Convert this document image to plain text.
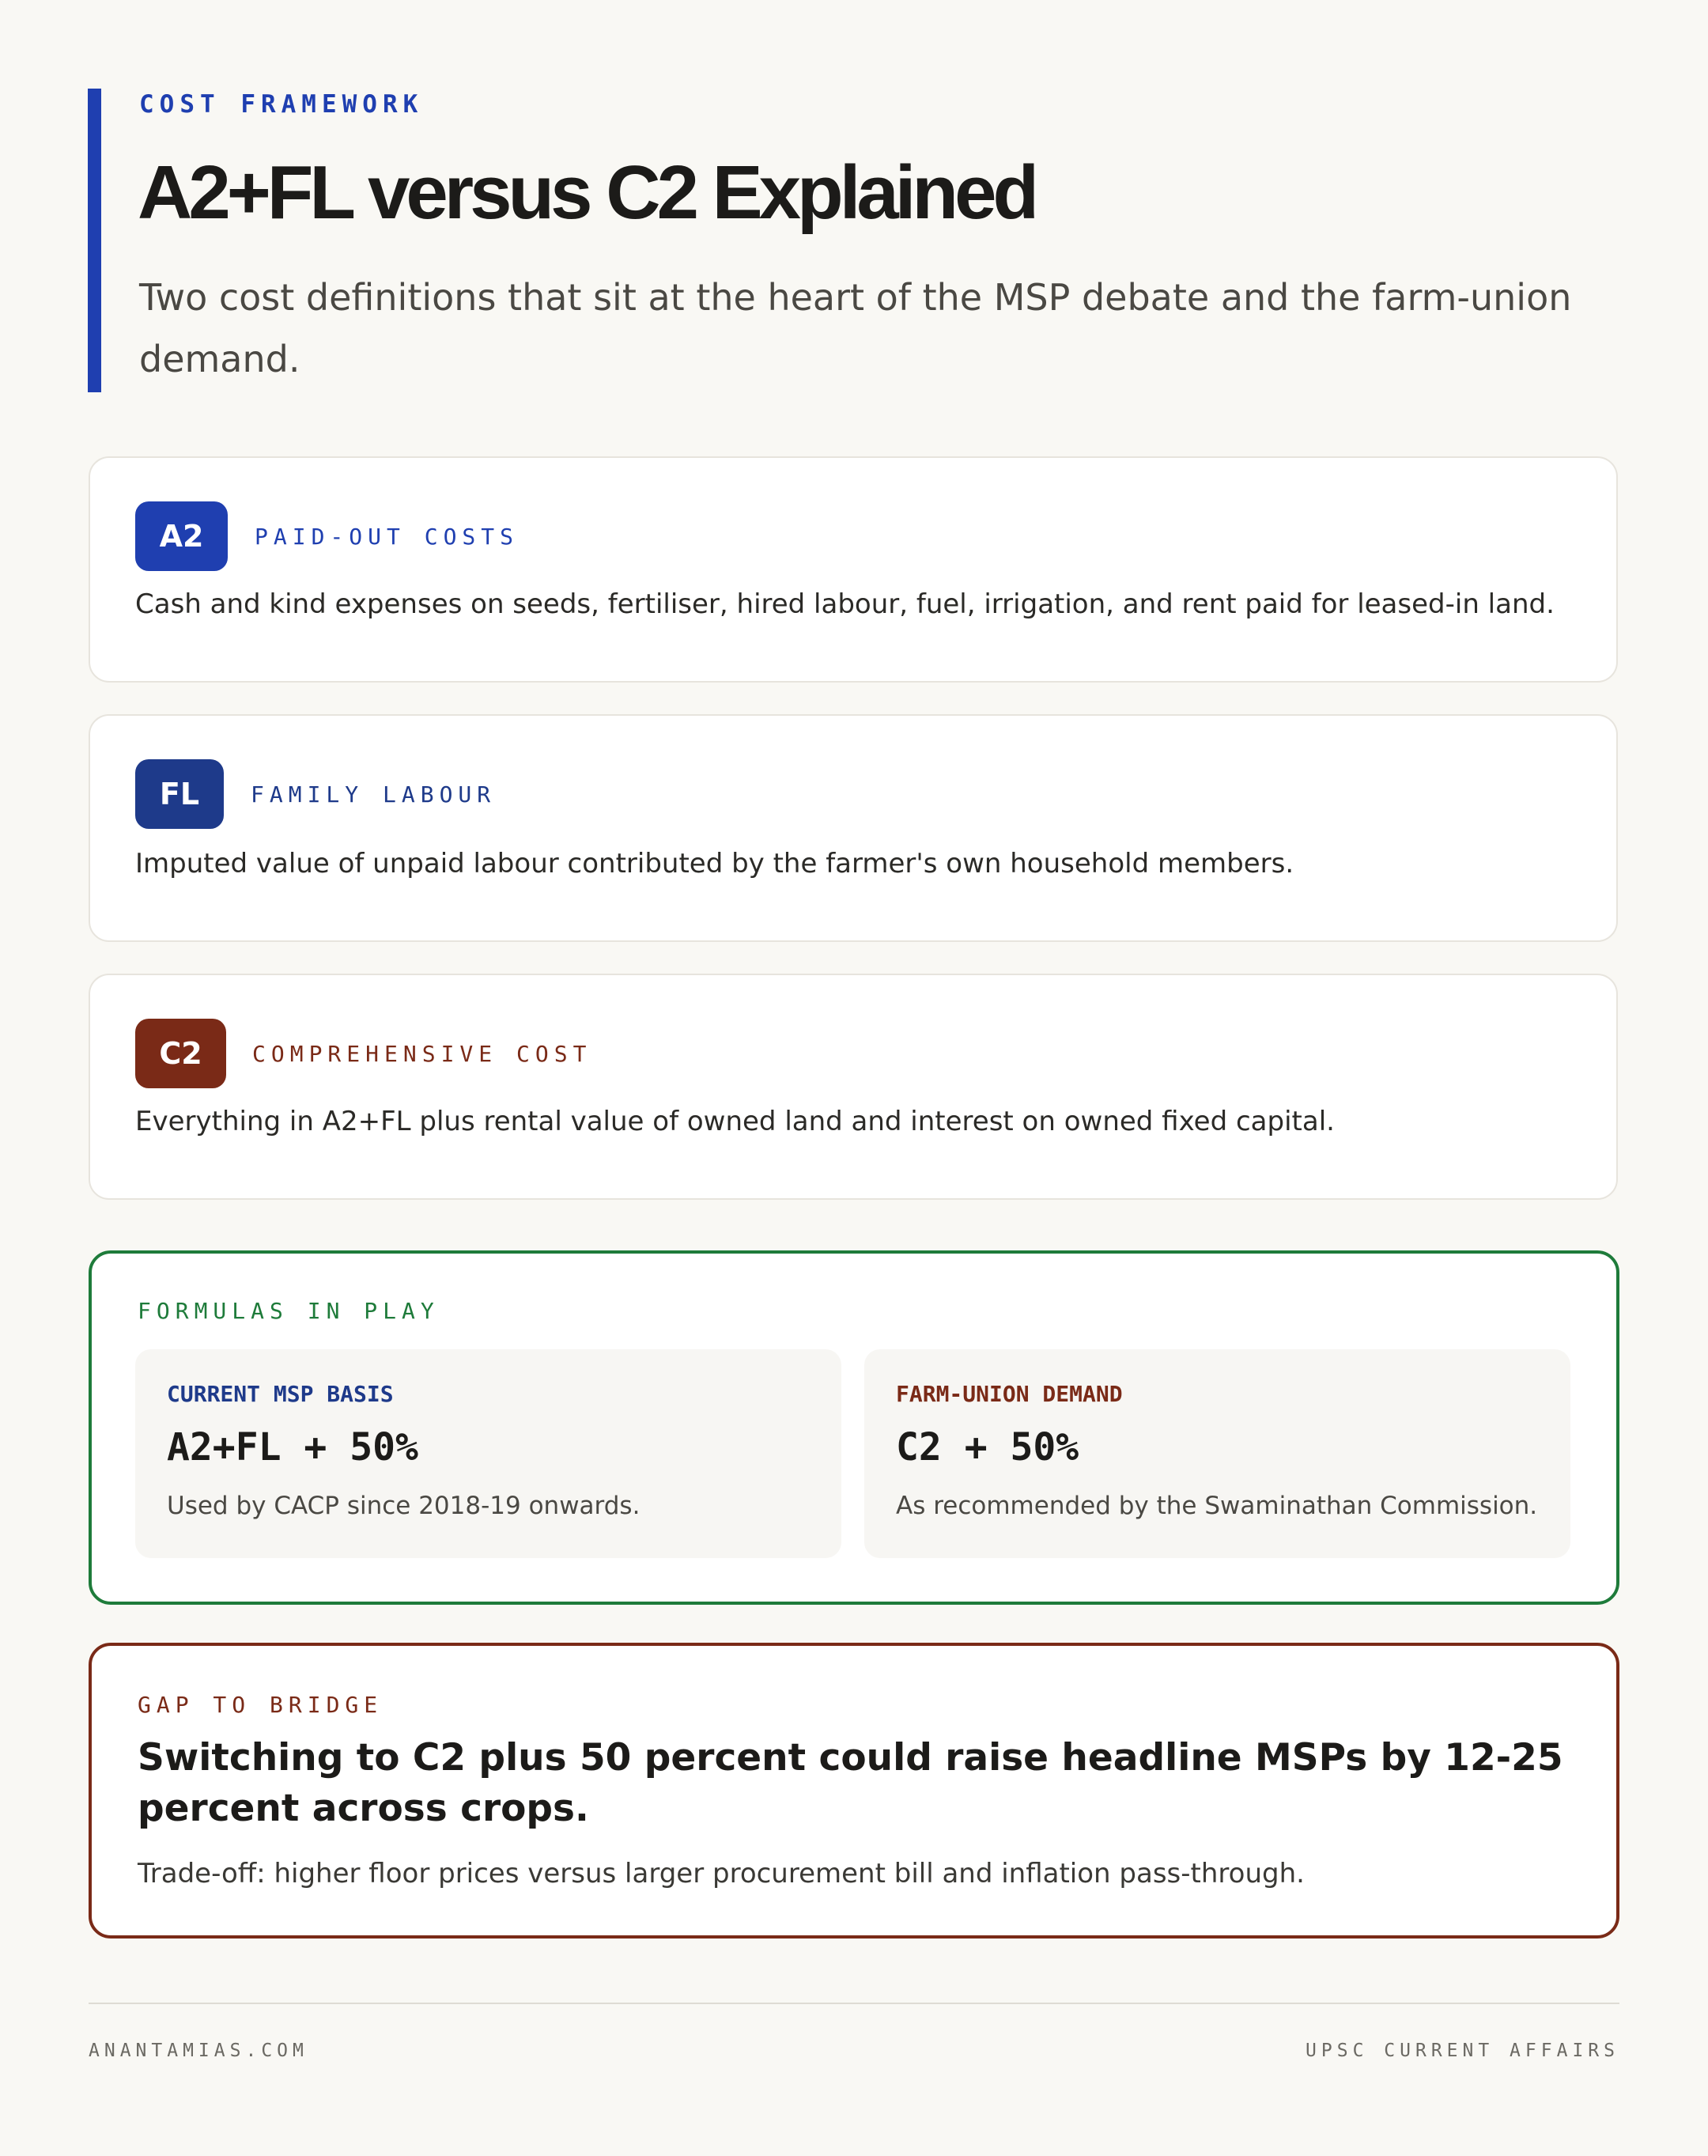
COST FRAMEWORK
A2+FL versus C2 Explained

Two cost definitions that sit at the heart of the MSP debate and the farm-union demand.

A2	PAID-OUT COSTS
Cash and kind expenses on seeds, fertiliser, hired labour, fuel, irrigation, and rent paid for leased-in land.
FL	FAMILY LABOUR
Imputed value of unpaid labour contributed by the farmer's own household members.
C2	COMPREHENSIVE COST
Everything in A2+FL plus rental value of owned land and interest on owned fixed capital.
FORMULAS IN PLAY
CURRENT MSP BASIS
A2+FL + 50%
Used by CACP since 2018-19 onwards.
FARM-UNION DEMAND
C2 + 50%
As recommended by the Swaminathan Commission.
GAP TO BRIDGE

Switching to C2 plus 50 percent could raise headline MSPs by 12-25 percent across crops.

Trade-off: higher floor prices versus larger procurement bill and inflation pass-through.
ANANTAMIAS.COM	UPSC CURRENT AFFAIRS
